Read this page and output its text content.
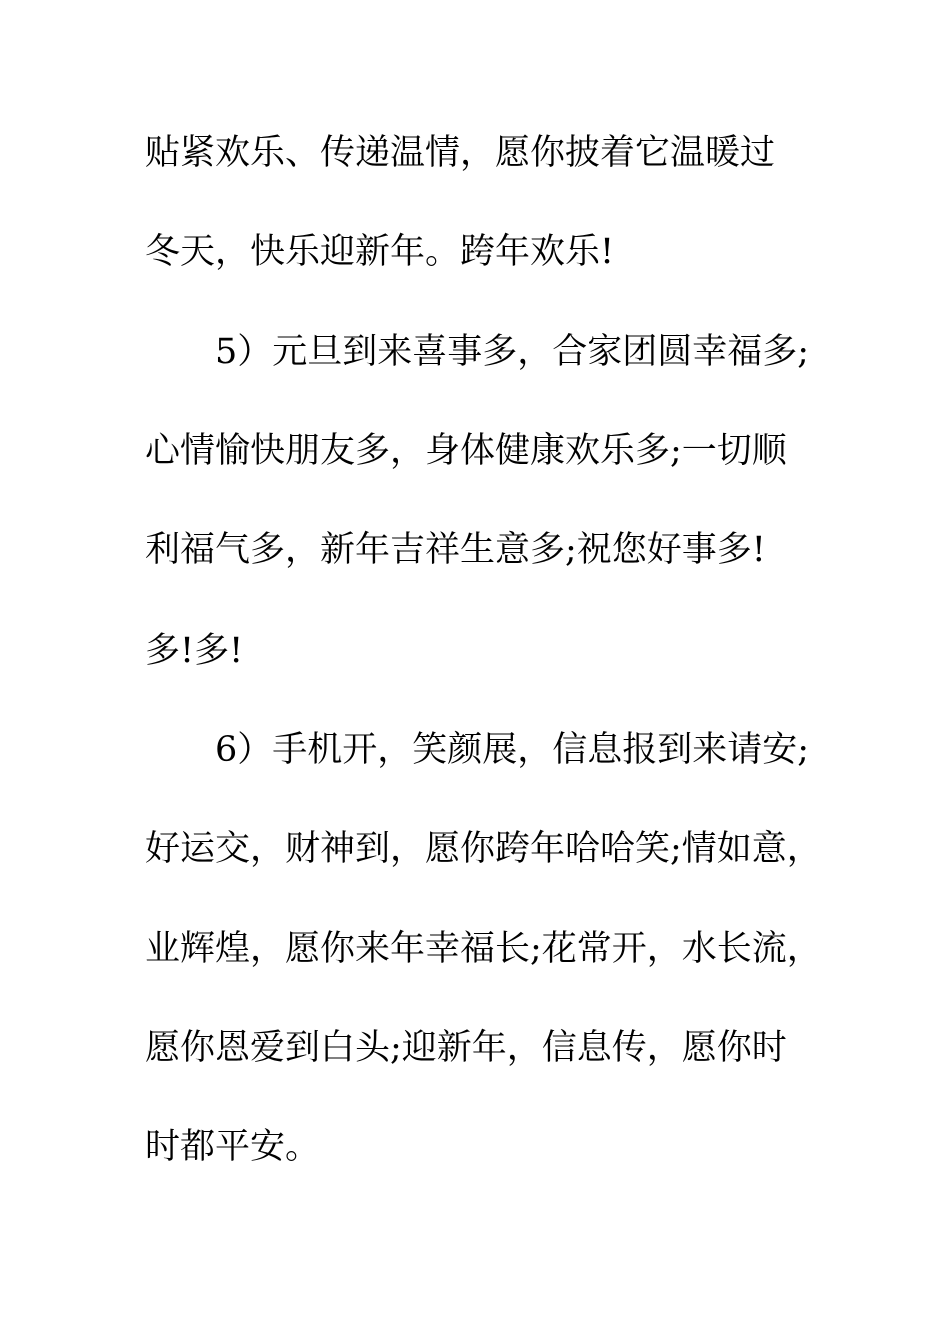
贴紧欢乐、传递温情，愿你披着它温暖过
冬天，快乐迎新年。跨年欢乐!
5）元旦到来喜事多，合家团圆幸福多;
心情愉快朋友多，身体健康欢乐多;一切顺
利福气多，新年吉祥生意多;祝您好事多!
多!多!
6）手机开，笑颜展，信息报到来请安;
好运交，财神到，愿你跨年哈哈笑;情如意，
业辉煌，愿你来年幸福长;花常开，水长流，
愿你恩爱到白头;迎新年，信息传，愿你时
时都平安。
